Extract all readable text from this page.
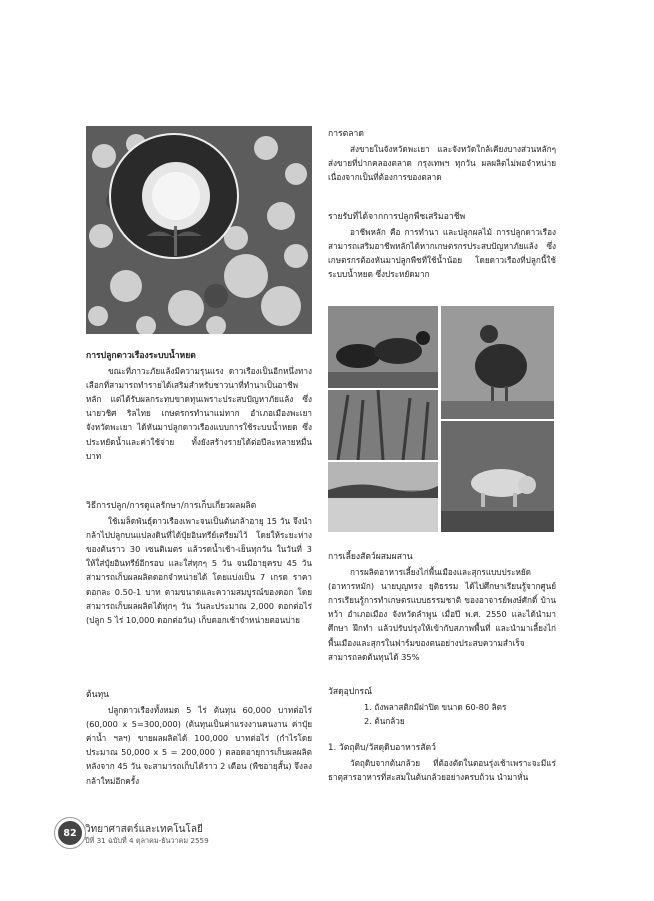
การปลูกดาวเรืองระบบน้ำหยด

ขณะที่ภาวะภัยแล้งมีความรุนแรง ดาวเรืองเป็นอีกหนึ่งทางเลือกที่สามารถทำรายได้เสริมสำหรับชาวนาที่ทำนาเป็นอาชีพหลัก แต่ได้รับผลกระทบขาดทุนเพราะประสบปัญหาภัยแล้ง ซึ่งนายวชิศ ริลไทย เกษตรกรทำนาแม่ทาก อำเภอเมืองพะเยา จังหวัดพะเยา ได้หันมาปลูกดาวเรืองแบบการใช้ระบบน้ำหยด ซึ่งประหยัดน้ำและค่าใช้จ่าย ทั้งยังสร้างรายได้ต่อปีละหลายหมื่นบาท

วิธีการปลูก/การดูแลรักษา/การเก็บเกี่ยวผลผลิต

ใช้เมล็ดพันธุ์ดาวเรืองเพาะจนเป็นต้นกล้าอายุ 15 วัน จึงนำกล้าไปปลูกบนแปลงดินที่ได้ปุ๋ยอินทรีย์เตรียมไว้ โดยให้ระยะห่างของต้นราว 30 เซนติเมตร แล้วรดน้ำเช้า-เย็นทุกวัน ในวันที่ 3 ให้ใส่ปุ๋ยอินทรีย์อีกรอบ และใส่ทุกๆ 5 วัน จนมีอายุครบ 45 วัน สามารถเก็บผลผลิตดอกจำหน่ายได้ โดยแบ่งเป็น 7 เกรด ราคาดอกละ 0.50-1 บาท ตามขนาดและความสมบูรณ์ของดอก โดยสามารถเก็บผลผลิตได้ทุกๆ วัน วันละประมาณ 2,000 ดอกต่อไร่ (ปลูก 5 ไร่ 10,000 ดอกต่อวัน) เก็บดอกเช้าจำหน่ายตอนบ่าย

ต้นทุน

ปลูกดาวเรืองทั้งหมด 5 ไร่ ต้นทุน 60,000 บาทต่อไร่ (60,000 x 5=300,000) (ต้นทุนเป็นค่าแรงงานคนงาน ค่าปุ๋ย ค่าน้ำ ฯลฯ) ขายผลผลิตได้ 100,000 บาทต่อไร่ (กำไรโดยประมาณ 50,000 x 5 = 200,000 ) ตลอดอายุการเก็บผลผลิตหลังจาก 45 วัน จะสามารถเก็บได้ราว 2 เดือน (พืชอายุสั้น) จึงลงกล้าใหม่อีกครั้ง

การตลาด

ส่งขายในจังหวัดพะเยา และจังหวัดใกล้เคียงบางส่วนหลักๆ ส่งขายที่ปากคลองตลาด กรุงเทพฯ ทุกวัน ผลผลิตไม่พอจำหน่าย เนื่องจากเป็นที่ต้องการของตลาด

รายรับที่ได้จากการปลูกพืชเสริมอาชีพ

อาชีพหลัก คือ การทำนา และปลูกผลไม้ การปลูกดาวเรืองสามารถเสริมอาชีพหลักได้หากเกษตรกรประสบปัญหาภัยแล้ง ซึ่งเกษตรกรต้องหันมาปลูกพืชที่ใช้น้ำน้อย โดยดาวเรืองที่ปลูกนี้ใช้ระบบน้ำหยด ซึ่งประหยัดมาก

การเลี้ยงสัตว์ผสมผสาน

การผลิตอาหารเลี้ยงไก่พื้นเมืองและสุกรแบบประหยัด (อาหารหมัก) นายบุญทรง ยุติธรรม ได้ไปศึกษาเรียนรู้จากศูนย์การเรียนรู้การทำเกษตรแบบธรรมชาติ ของอาจารย์พงษ์ศักดิ์ บ้านหว้า อำเภอเมือง จังหวัดลำพูน เมื่อปี พ.ศ. 2550 และได้นำมาศึกษา ฝึกทำ แล้วปรับปรุงให้เข้ากับสภาพพื้นที่ และนำมาเลี้ยงไก่พื้นเมืองและสุกรในฟาร์มของตนอย่างประสบความสำเร็จ สามารถลดต้นทุนได้ 35%

วัสดุอุปกรณ์

1. ถังพลาสติกมีฝาปิด ขนาด 60-80 ลิตร
2. ต้นกล้วย

1. วัตถุดิบ/วัสดุดิบอาหารสัตว์

วัตถุดิบจากต้นกล้วย ที่ต้องตัดในตอนรุ่งเช้าเพราะจะมีแร่ธาตุสารอาหารที่สะสมในต้นกล้วยอย่างครบถ้วน นำมาหั่น

82 วิทยาศาสตร์และเทคโนโลยี
ปีที่ 31 ฉบับที่ 4 ตุลาคม-ธันวาคม 2559
